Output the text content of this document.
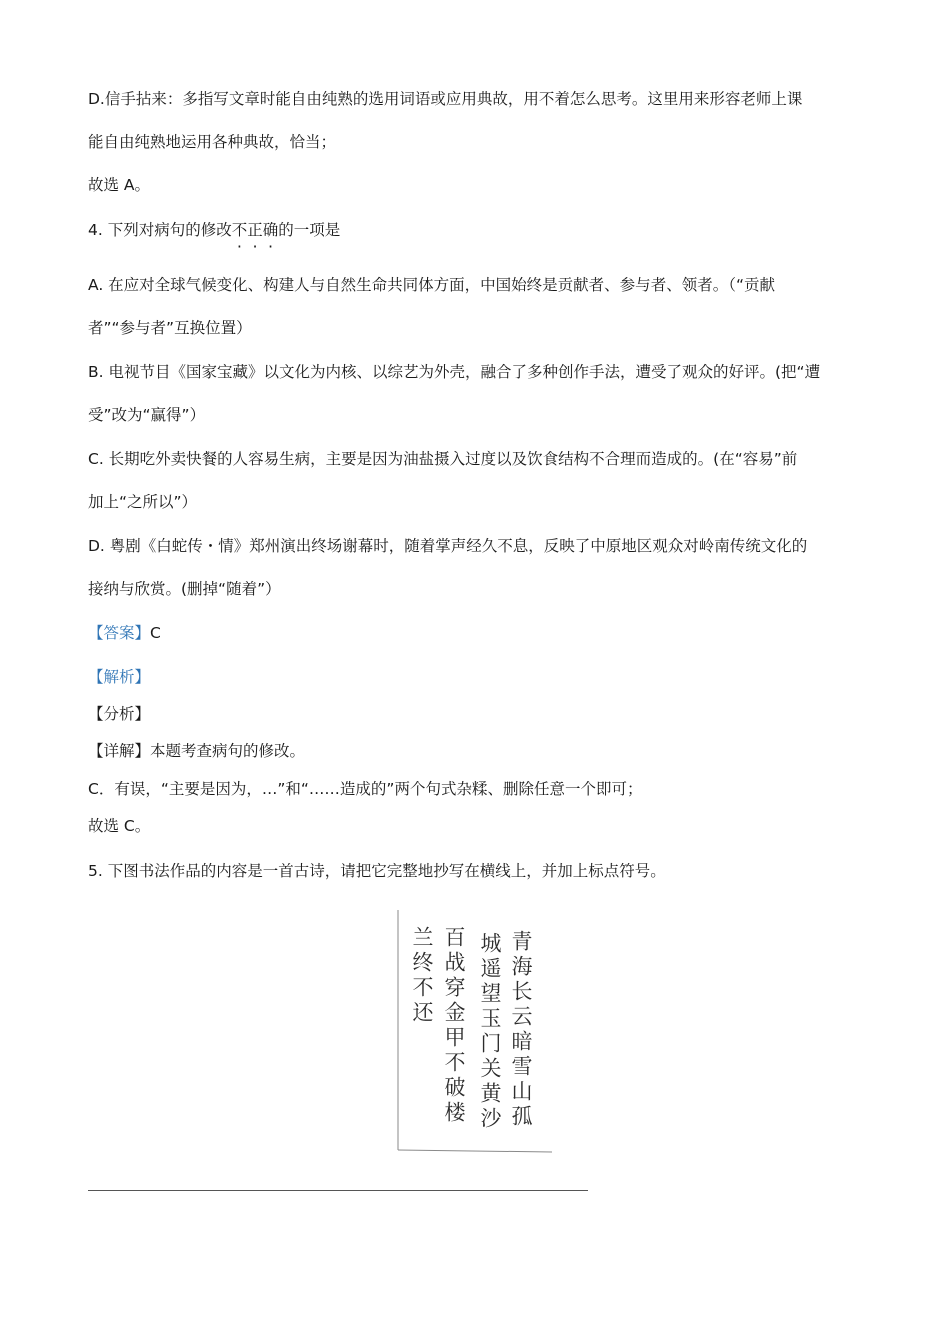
D.信手拈来：多指写文章时能自由纯熟的选用词语或应用典故，用不着怎么思考。这里用来形容老师上课
能自由纯熟地运用各种典故，恰当；
故选 A。
4. 下列对病句的修改不正确的一项是
A. 在应对全球气候变化、构建人与自然生命共同体方面，中国始终是贡献者、参与者、领者。（“贡献
者”“参与者”互换位置）
B. 电视节目《国家宝藏》以文化为内核、以综艺为外壳，融合了多种创作手法，遭受了观众的好评。(把“遭
受”改为“赢得”）
C. 长期吃外卖快餐的人容易生病，主要是因为油盐摄入过度以及饮食结构不合理而造成的。(在“容易”前
加上“之所以”）
D. 粤剧《白蛇传・情》郑州演出终场谢幕时，随着掌声经久不息，反映了中原地区观众对岭南传统文化的
接纳与欣赏。(删掉“随着”）
【答案】C
【解析】
【分析】
【详解】本题考查病句的修改。
C．有误，“主要是因为，…”和“……造成的”两个句式杂糅、删除任意一个即可；
故选 C。
5. 下图书法作品的内容是一首古诗，请把它完整地抄写在横线上，并加上标点符号。
青海长云暗雪山孤
城遥望玉门关黄沙
百战穿金甲不破楼
兰终不还
